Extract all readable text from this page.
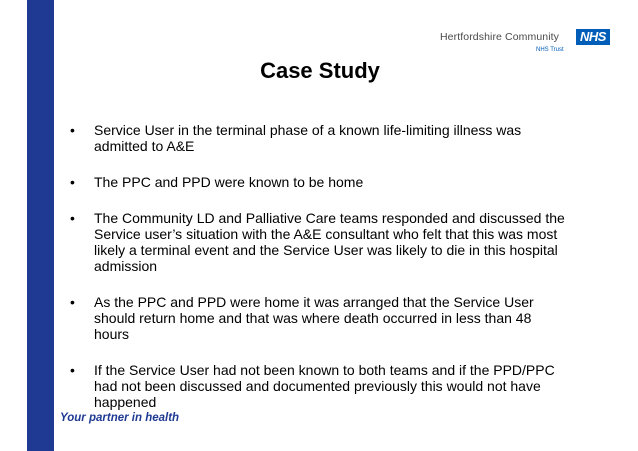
Hertfordshire Community	NHS
NHS Trust
Case Study
• Service User in the terminal phase of a known life-limiting illness was admitted to A&E
• The PPC and PPD were known to be home
• The Community LD and Palliative Care teams responded and discussed the Service user’s situation with the A&E consultant who felt that this was most likely a terminal event and the Service User was likely to die in this hospital admission
• As the PPC and PPD were home it was arranged that the Service User should return home and that was where death occurred in less than 48 hours
• If the Service User had not been known to both teams and if the PPD/PPC had not been discussed and documented previously this would not have happened
Your partner in health
